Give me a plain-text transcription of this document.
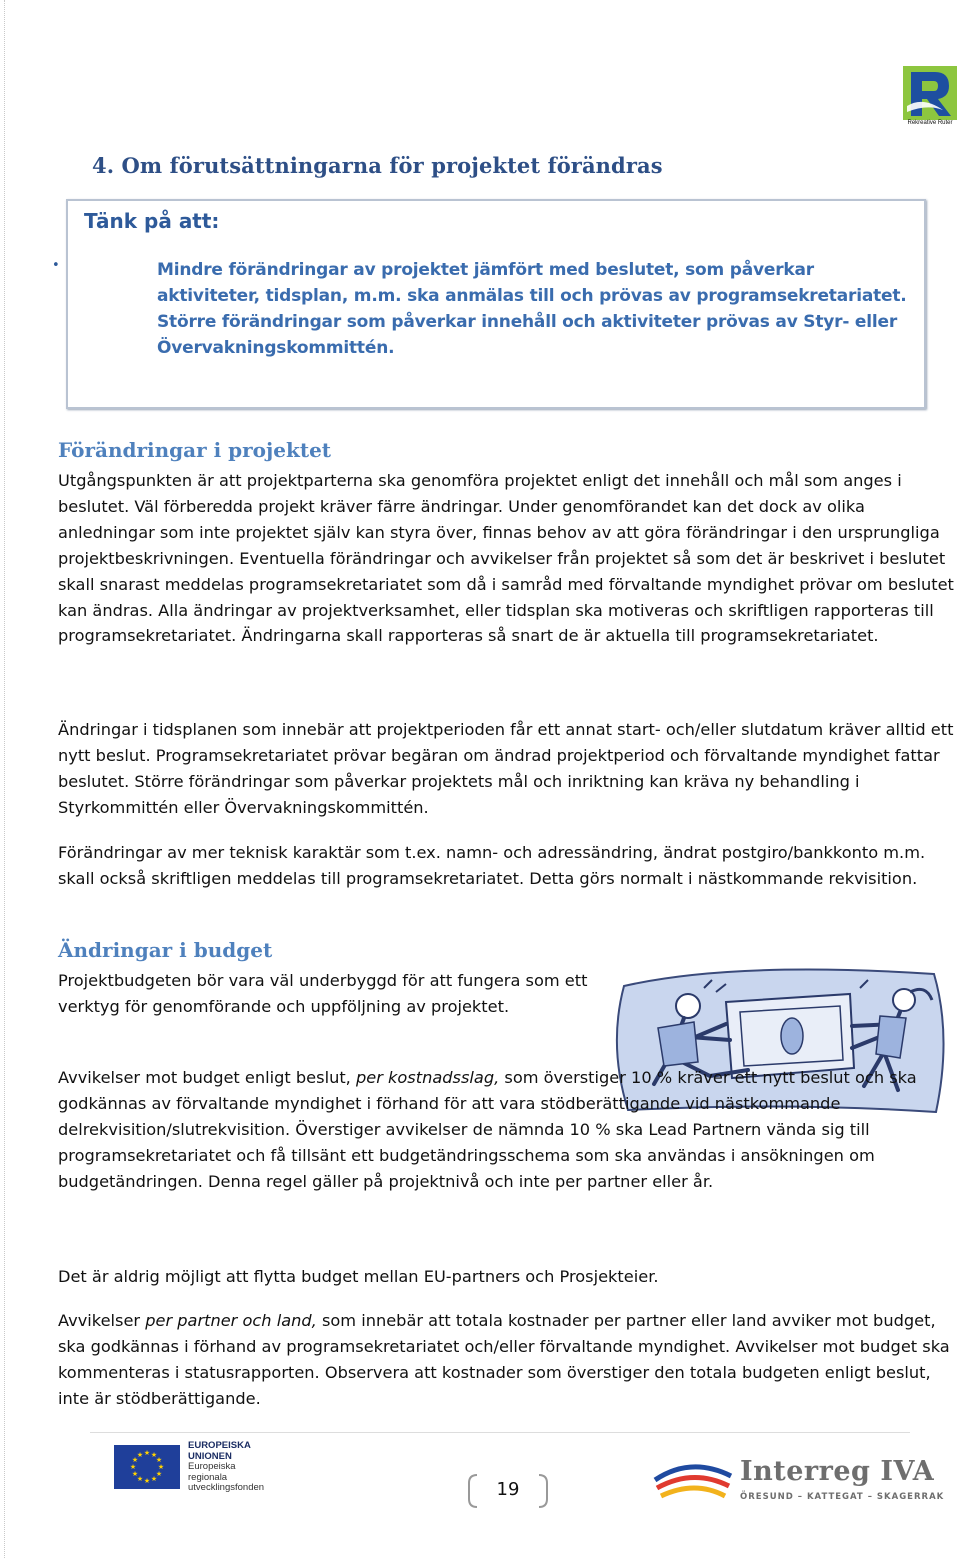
Rekreative Ruter
4. Om förutsättningarna för projektet förändras

Tänk på att:

•	Mindre förändringar av projektet jämfört med beslutet, som påverkar aktiviteter, tidsplan, m.m. ska anmälas till och prövas av programsekretariatet. Större förändringar som påverkar innehåll och aktiviteter prövas av Styr- eller Övervakningskommittén.
Förändringar i projektet

Utgångspunkten är att projektparterna ska genomföra projektet enligt det innehåll och mål som anges i beslutet. Väl förberedda projekt kräver färre ändringar. Under genomförandet kan det dock av olika anledningar som inte projektet själv kan styra över, finnas behov av att göra förändringar i den ursprungliga projektbeskrivningen. Eventuella förändringar och avvikelser från projektet så som det är beskrivet i beslutet skall snarast meddelas programsekretariatet som då i samråd med förvaltande myndighet prövar om beslutet kan ändras. Alla ändringar av projektverksamhet, eller tidsplan ska motiveras och skriftligen rapporteras till programsekretariatet. Ändringarna skall rapporteras så snart de är aktuella till programsekretariatet.

Ändringar i tidsplanen som innebär att projektperioden får ett annat start- och/eller slutdatum kräver alltid ett nytt beslut. Programsekretariatet prövar begäran om ändrad projektperiod och förvaltande myndighet fattar beslutet. Större förändringar som påverkar projektets mål och inriktning kan kräva ny behandling i Styrkommittén eller Övervakningskommittén.

Förändringar av mer teknisk karaktär som t.ex. namn- och adressändring, ändrat postgiro/bankkonto m.m. skall också skriftligen meddelas till programsekretariatet. Detta görs normalt i nästkommande rekvisition.

Ändringar i budget

Projektbudgeten bör vara väl underbyggd för att fungera som ett verktyg för genomförande och uppföljning av projektet.

Avvikelser mot budget enligt beslut, per kostnadsslag, som överstiger 10 % kräver ett nytt beslut och ska godkännas av förvaltande myndighet i förhand för att vara stödberättigande vid nästkommande delrekvisition/slutrekvisition. Överstiger avvikelser de nämnda 10 % ska Lead Partnern vända sig till programsekretariatet och få tillsänt ett budgetändringsschema som ska användas i ansökningen om budgetändringen. Denna regel gäller på projektnivå och inte per partner eller år.

Det är aldrig möjligt att flytta budget mellan EU-partners och Prosjekteier.

Avvikelser per partner och land, som innebär att totala kostnader per partner eller land avviker mot budget, ska godkännas i förhand av programsekretariatet och/eller förvaltande myndighet. Avvikelser mot budget ska kommenteras i statusrapporten. Observera att kostnader som överstiger den totala budgeten enligt beslut, inte är stödberättigande.

★ ★
★
★
★
★
★
★
★
★
★
★
EUROPEISKA
UNIONEN
Europeiska
regionala
utvecklingsfonden	19
Interreg IVA
ÖRESUND – KATTEGAT – SKAGERRAK
